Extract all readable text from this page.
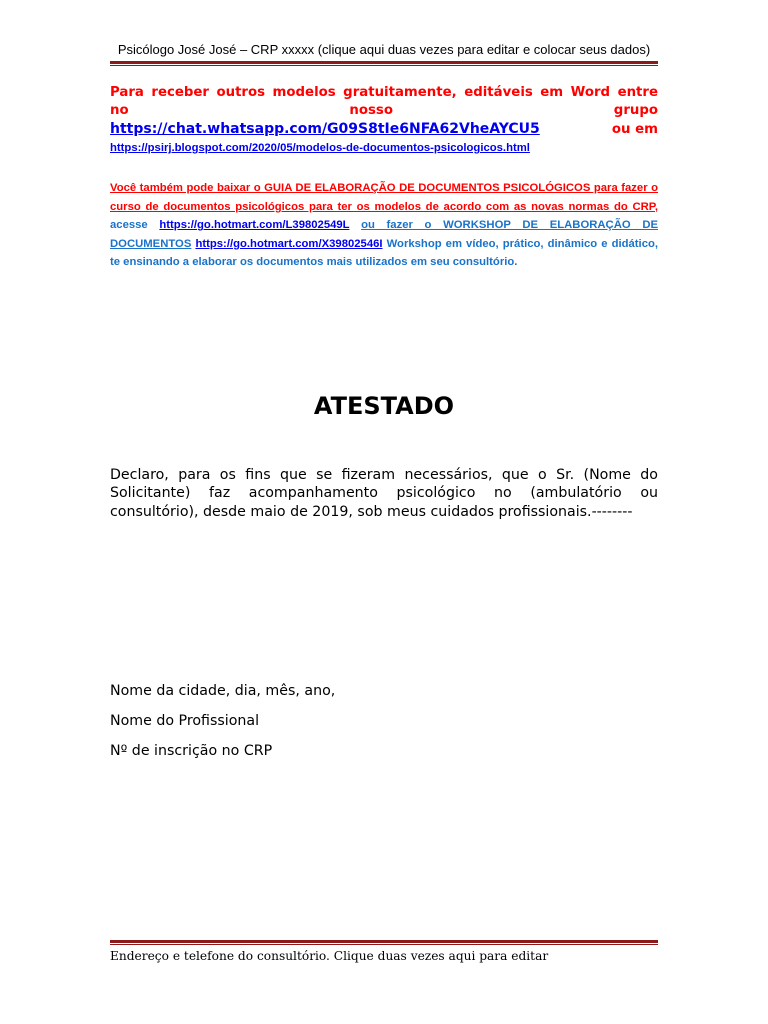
Psicólogo José José – CRP xxxxx (clique aqui duas vezes para editar e colocar seus dados)
Para receber outros modelos gratuitamente, editáveis em Word entre no nosso grupo
https://chat.whatsapp.com/G09S8tIe6NFA62VheAYCU5	ou em
https://psirj.blogspot.com/2020/05/modelos-de-documentos-psicologicos.html
Você também pode baixar o GUIA DE ELABORAÇÃO DE DOCUMENTOS PSICOLÓGICOS para fazer o curso de documentos psicológicos para ter os modelos de acordo com as novas normas do CRP, acesse https://go.hotmart.com/L39802549L ou fazer o WORKSHOP DE ELABORAÇÃO DE DOCUMENTOS https://go.hotmart.com/X39802546I Workshop em vídeo, prático, dinâmico e didático, te ensinando a elaborar os documentos mais utilizados em seu consultório.
ATESTADO
Declaro, para os fins que se fizeram necessários, que o Sr. (Nome do Solicitante) faz acompanhamento psicológico no (ambulatório ou consultório), desde maio de 2019, sob meus cuidados profissionais.--------
Nome da cidade, dia, mês, ano,
Nome do Profissional
Nº de inscrição no CRP
Endereço e telefone do consultório. Clique duas vezes aqui para editar
